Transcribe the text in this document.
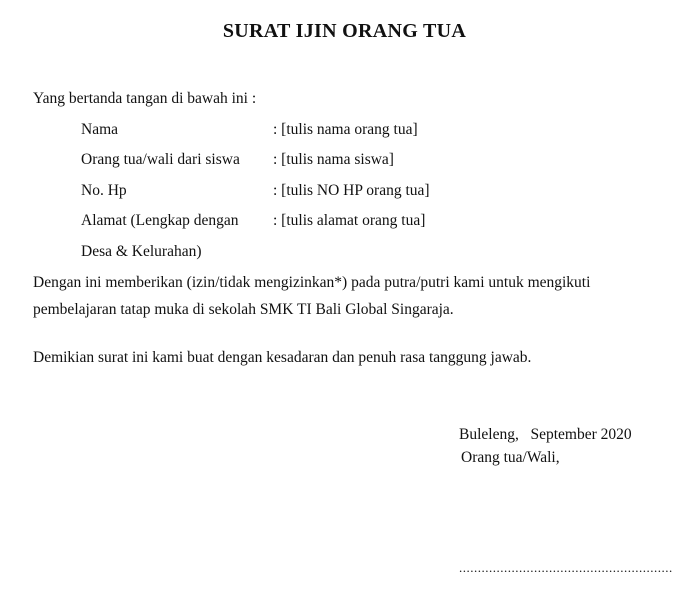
SURAT IJIN ORANG TUA
Yang bertanda tangan di bawah ini :
Nama	: [tulis nama orang tua]
Orang tua/wali dari siswa : [tulis nama siswa]
No. Hp	: [tulis NO HP orang tua]
Alamat (Lengkap dengan : [tulis alamat orang tua]
Desa & Kelurahan)
Dengan ini memberikan (izin/tidak mengizinkan*) pada putra/putri kami untuk mengikuti
pembelajaran tatap muka di sekolah SMK TI Bali Global Singaraja.
Demikian surat ini kami buat dengan kesadaran dan penuh rasa tanggung jawab.
Buleleng,   September 2020
Orang tua/Wali,
.........................................................
